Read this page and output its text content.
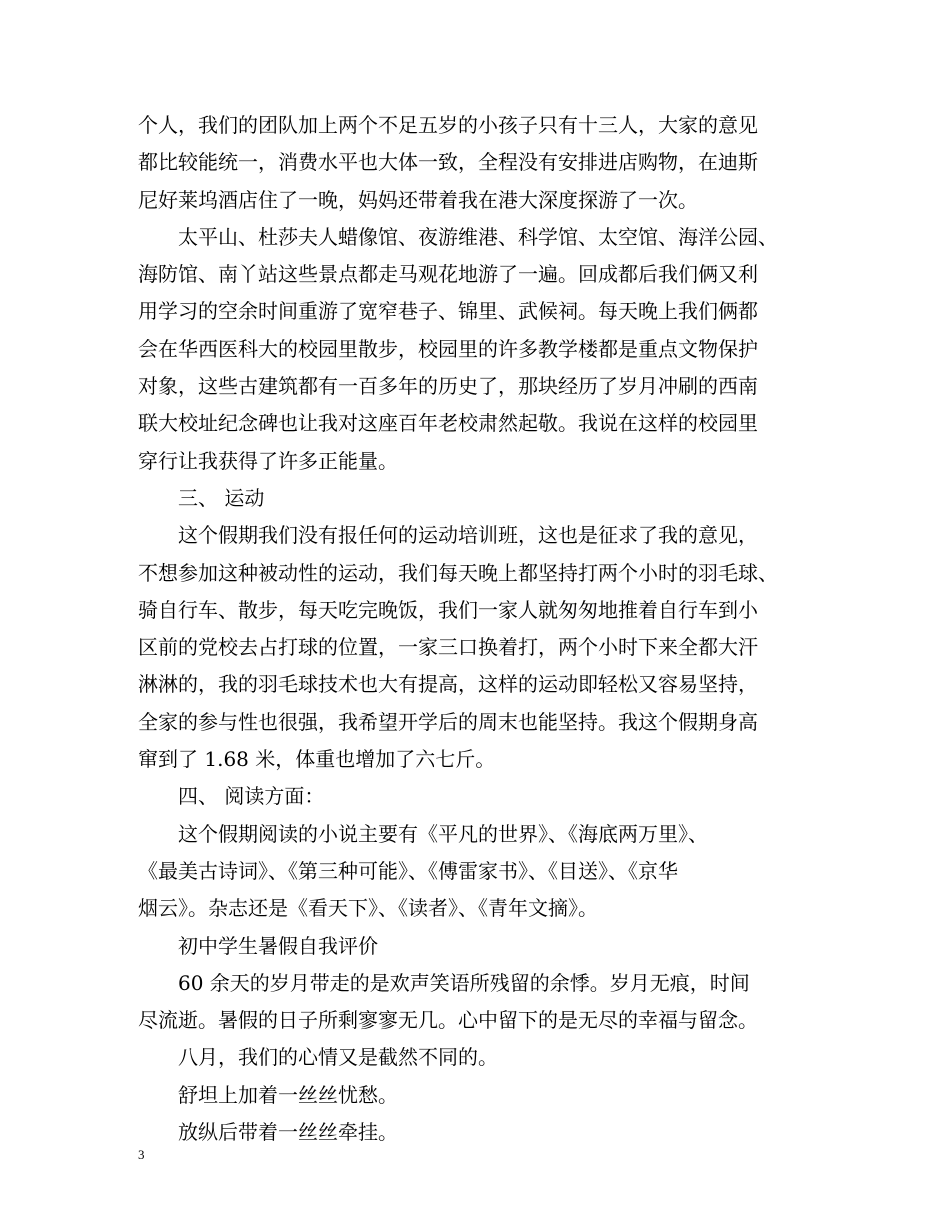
个人，我们的团队加上两个不足五岁的小孩子只有十三人，大家的意见
都比较能统一，消费水平也大体一致，全程没有安排进店购物，在迪斯
尼好莱坞酒店住了一晚，妈妈还带着我在港大深度探游了一次。

太平山、杜莎夫人蜡像馆、夜游维港、科学馆、太空馆、海洋公园、
海防馆、南丫站这些景点都走马观花地游了一遍。回成都后我们俩又利
用学习的空余时间重游了宽窄巷子、锦里、武候祠。每天晚上我们俩都
会在华西医科大的校园里散步，校园里的许多教学楼都是重点文物保护
对象，这些古建筑都有一百多年的历史了，那块经历了岁月冲刷的西南
联大校址纪念碑也让我对这座百年老校肃然起敬。我说在这样的校园里
穿行让我获得了许多正能量。

三、 运动

这个假期我们没有报任何的运动培训班，这也是征求了我的意见，
不想参加这种被动性的运动，我们每天晚上都坚持打两个小时的羽毛球、
骑自行车、散步，每天吃完晚饭，我们一家人就匆匆地推着自行车到小
区前的党校去占打球的位置，一家三口换着打，两个小时下来全都大汗
淋淋的，我的羽毛球技术也大有提高，这样的运动即轻松又容易坚持，
全家的参与性也很强，我希望开学后的周末也能坚持。我这个假期身高
窜到了 1.68 米，体重也增加了六七斤。

四、 阅读方面：

这个假期阅读的小说主要有《平凡的世界》、《海底两万里》、
《最美古诗词》、《第三种可能》、《傅雷家书》、《目送》、《京华
烟云》。杂志还是《看天下》、《读者》、《青年文摘》。

初中学生暑假自我评价

60 余天的岁月带走的是欢声笑语所残留的余悸。岁月无痕，时间
尽流逝。暑假的日子所剩寥寥无几。心中留下的是无尽的幸福与留念。

八月，我们的心情又是截然不同的。

舒坦上加着一丝丝忧愁。

放纵后带着一丝丝牵挂。

3
